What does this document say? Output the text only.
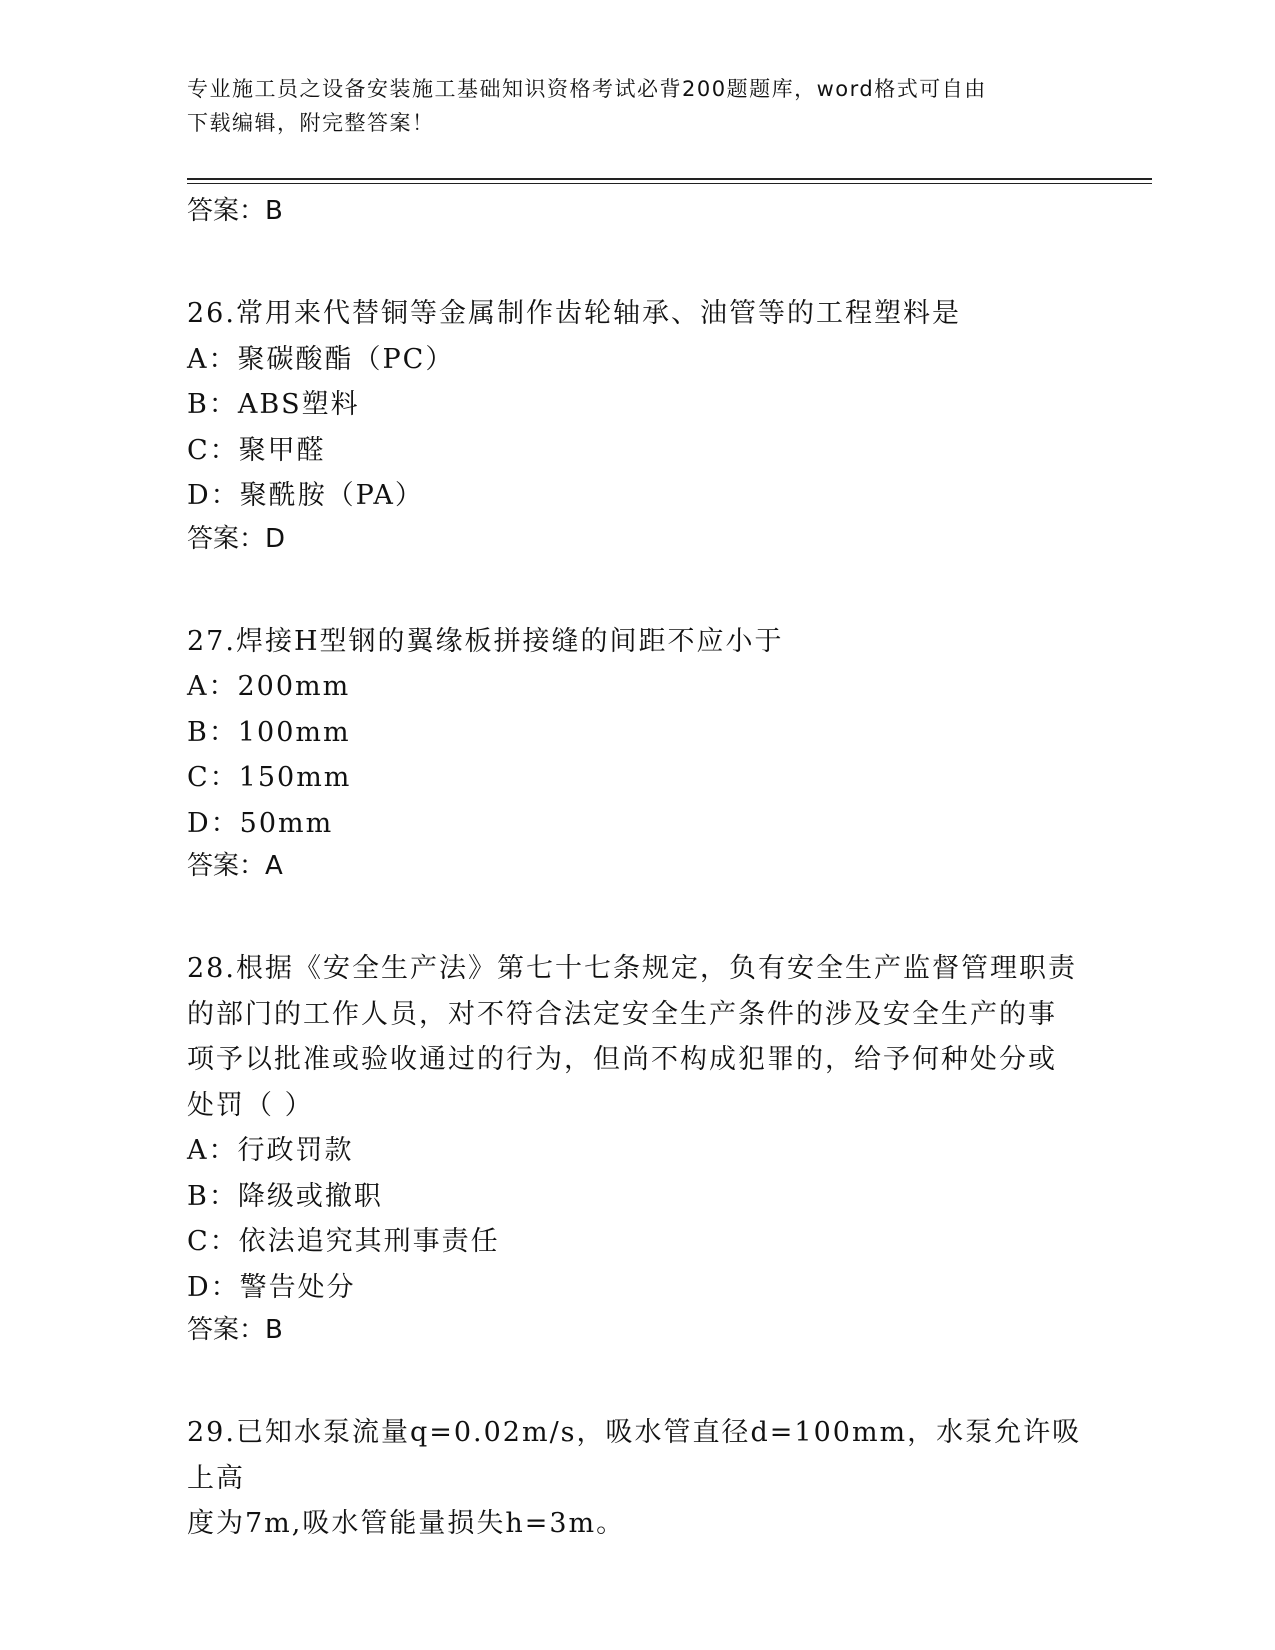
专业施工员之设备安装施工基础知识资格考试必背200题题库，word格式可自由
下载编辑，附完整答案！

答案：B

26.常用来代替铜等金属制作齿轮轴承、油管等的工程塑料是

A：聚碳酸酯（PC）

B：ABS塑料

C：聚甲醛

D：聚酰胺（PA）

答案：D

27.焊接H型钢的翼缘板拼接缝的间距不应小于

A：200mm

B：100mm

C：150mm

D：50mm

答案：A

28.根据《安全生产法》第七十七条规定，负有安全生产监督管理职责

的部门的工作人员，对不符合法定安全生产条件的涉及安全生产的事

项予以批准或验收通过的行为，但尚不构成犯罪的，给予何种处分或

处罚（ ）

A：行政罚款

B：降级或撤职

C：依法追究其刑事责任

D：警告处分

答案：B

29.已知水泵流量q=0.02m/s，吸水管直径d=100mm，水泵允许吸上高

度为7m,吸水管能量损失h=3m。
